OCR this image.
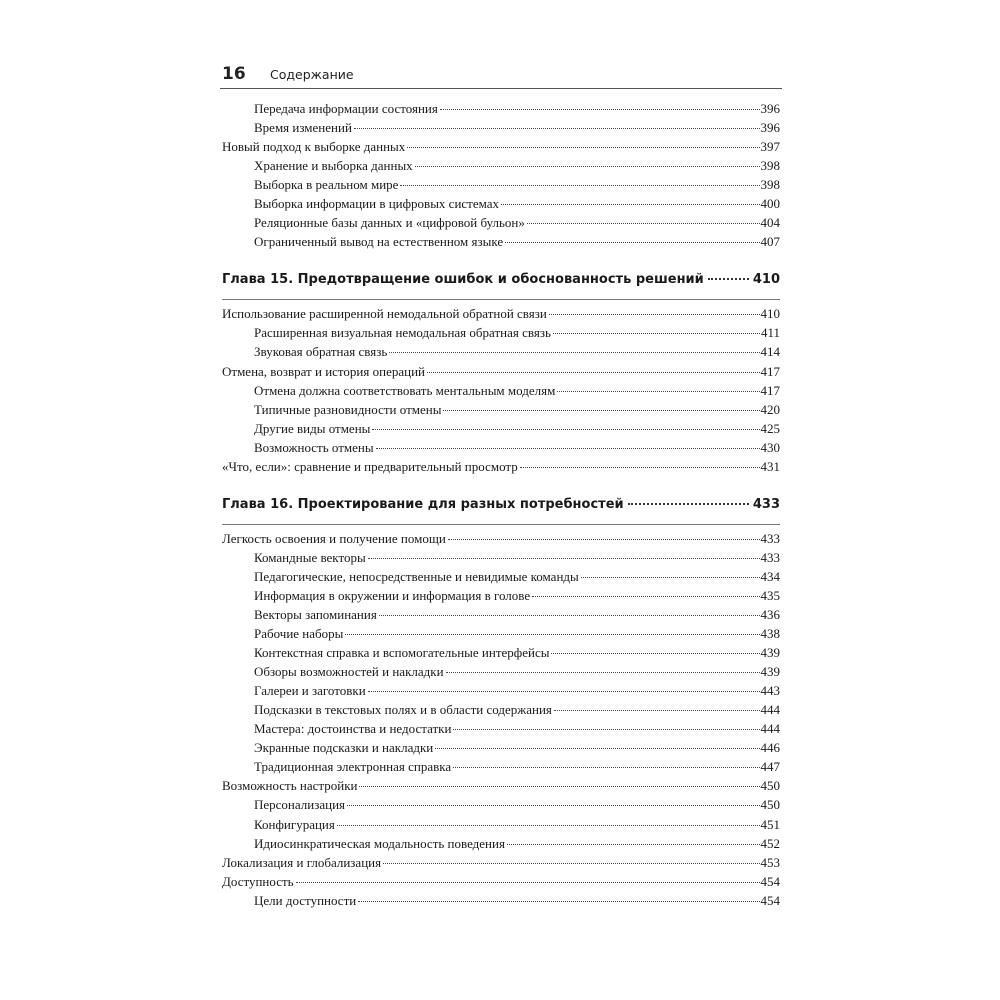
16 Содержание
Передача информации состояния	396
Время изменений	396
Новый подход к выборке данных	397
Хранение и выборка данных	398
Выборка в реальном мире	398
Выборка информации в цифровых системах	400
Реляционные базы данных и «цифровой бульон»	404
Ограниченный вывод на естественном языке	407
Глава 15. Предотвращение ошибок и обоснованность решений	410
Использование расширенной немодальной обратной связи	410
Расширенная визуальная немодальная обратная связь	411
Звуковая обратная связь	414
Отмена, возврат и история операций	417
Отмена должна соответствовать ментальным моделям	417
Типичные разновидности отмены	420
Другие виды отмены	425
Возможность отмены	430
«Что, если»: сравнение и предварительный просмотр	431
Глава 16. Проектирование для разных потребностей	433
Легкость освоения и получение помощи	433
Командные векторы	433
Педагогические, непосредственные и невидимые команды	434
Информация в окружении и информация в голове	435
Векторы запоминания	436
Рабочие наборы	438
Контекстная справка и вспомогательные интерфейсы	439
Обзоры возможностей и накладки	439
Галереи и заготовки	443
Подсказки в текстовых полях и в области содержания	444
Мастера: достоинства и недостатки	444
Экранные подсказки и накладки	446
Традиционная электронная справка	447
Возможность настройки	450
Персонализация	450
Конфигурация	451
Идиосинкратическая модальность поведения	452
Локализация и глобализация	453
Доступность	454
Цели доступности	454
